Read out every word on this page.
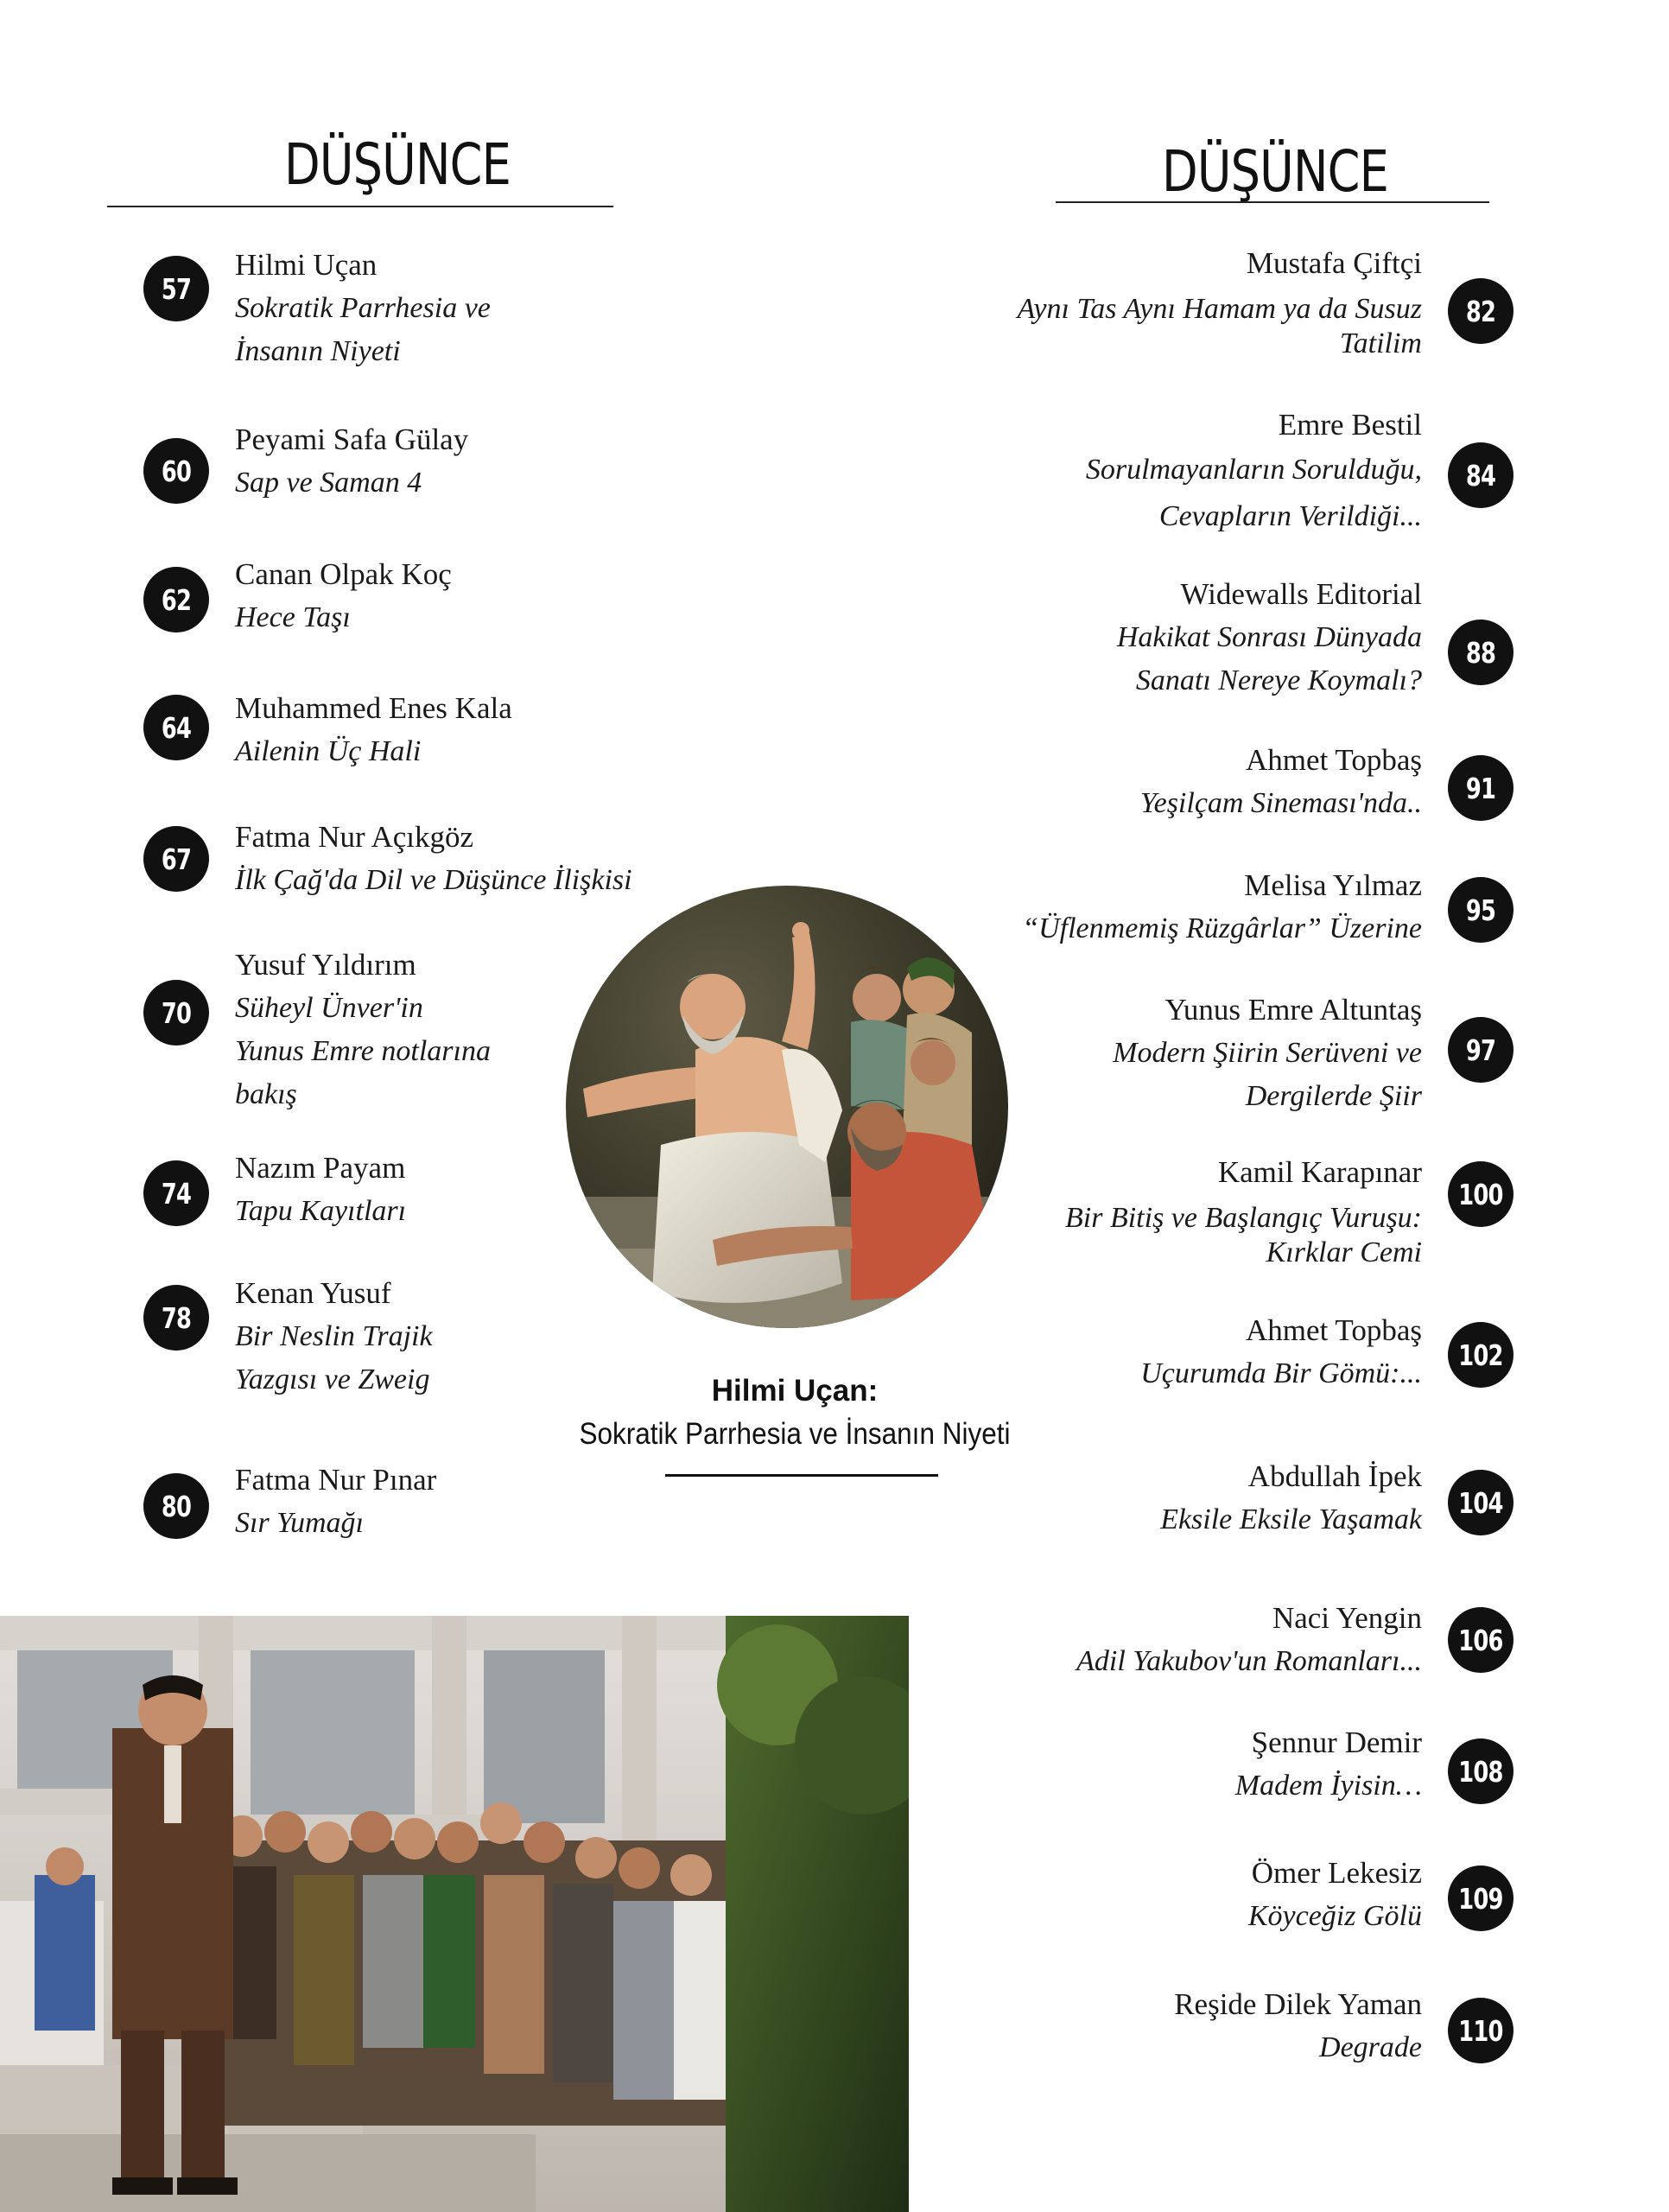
DÜŞÜNCE	DÜŞÜNCE
Hilmi Uçan
Sokratik Parrhesia ve İnsanın Niyeti
57
Peyami Safa Gülay
Sap ve Saman 4
60
Canan Olpak Koç
Hece Taşı
62
Muhammed Enes Kala
Ailenin Üç Hali
64
Fatma Nur Açıkgöz
İlk Çağ'da Dil ve Düşünce İlişkisi
67
Yusuf Yıldırım
Süheyl Ünver'in Yunus Emre notlarına bakış
70
Nazım Payam
Tapu Kayıtları
74
Kenan Yusuf
Bir Neslin Trajik Yazgısı ve Zweig
78
Fatma Nur Pınar
Sır Yumağı
80
Mustafa Çiftçi
Aynı Tas Aynı Hamam ya da Susuz Tatilim
82
Emre Bestil
Sorulmayanların Sorulduğu, Cevapların Verildiği...
84
Widewalls Editorial
Hakikat Sonrası Dünyada Sanatı Nereye Koymalı?
88
Ahmet Topbaş
Yeşilçam Sineması'nda.. 91
Melisa Yılmaz
“Üflenmemiş Rüzgârlar” Üzerine
95
Yunus Emre Altuntaş
Modern Şiirin Serüveni ve Dergilerde Şiir
97
Kamil Karapınar
Bir Bitiş ve Başlangıç Vuruşu: Kırklar Cemi
100
Ahmet Topbaş
Uçurumda Bir Gömü:...
102
Abdullah İpek
Eksile Eksile Yaşamak 104
Naci Yengin
Adil Yakubov'un Romanları...
106
Şennur Demir
Madem İyisin… 108
Ömer Lekesiz
Köyceğiz Gölü
109
Reşide Dilek Yaman
Degrade 110
Hilmi Uçan:
Sokratik Parrhesia ve İnsanın Niyeti
